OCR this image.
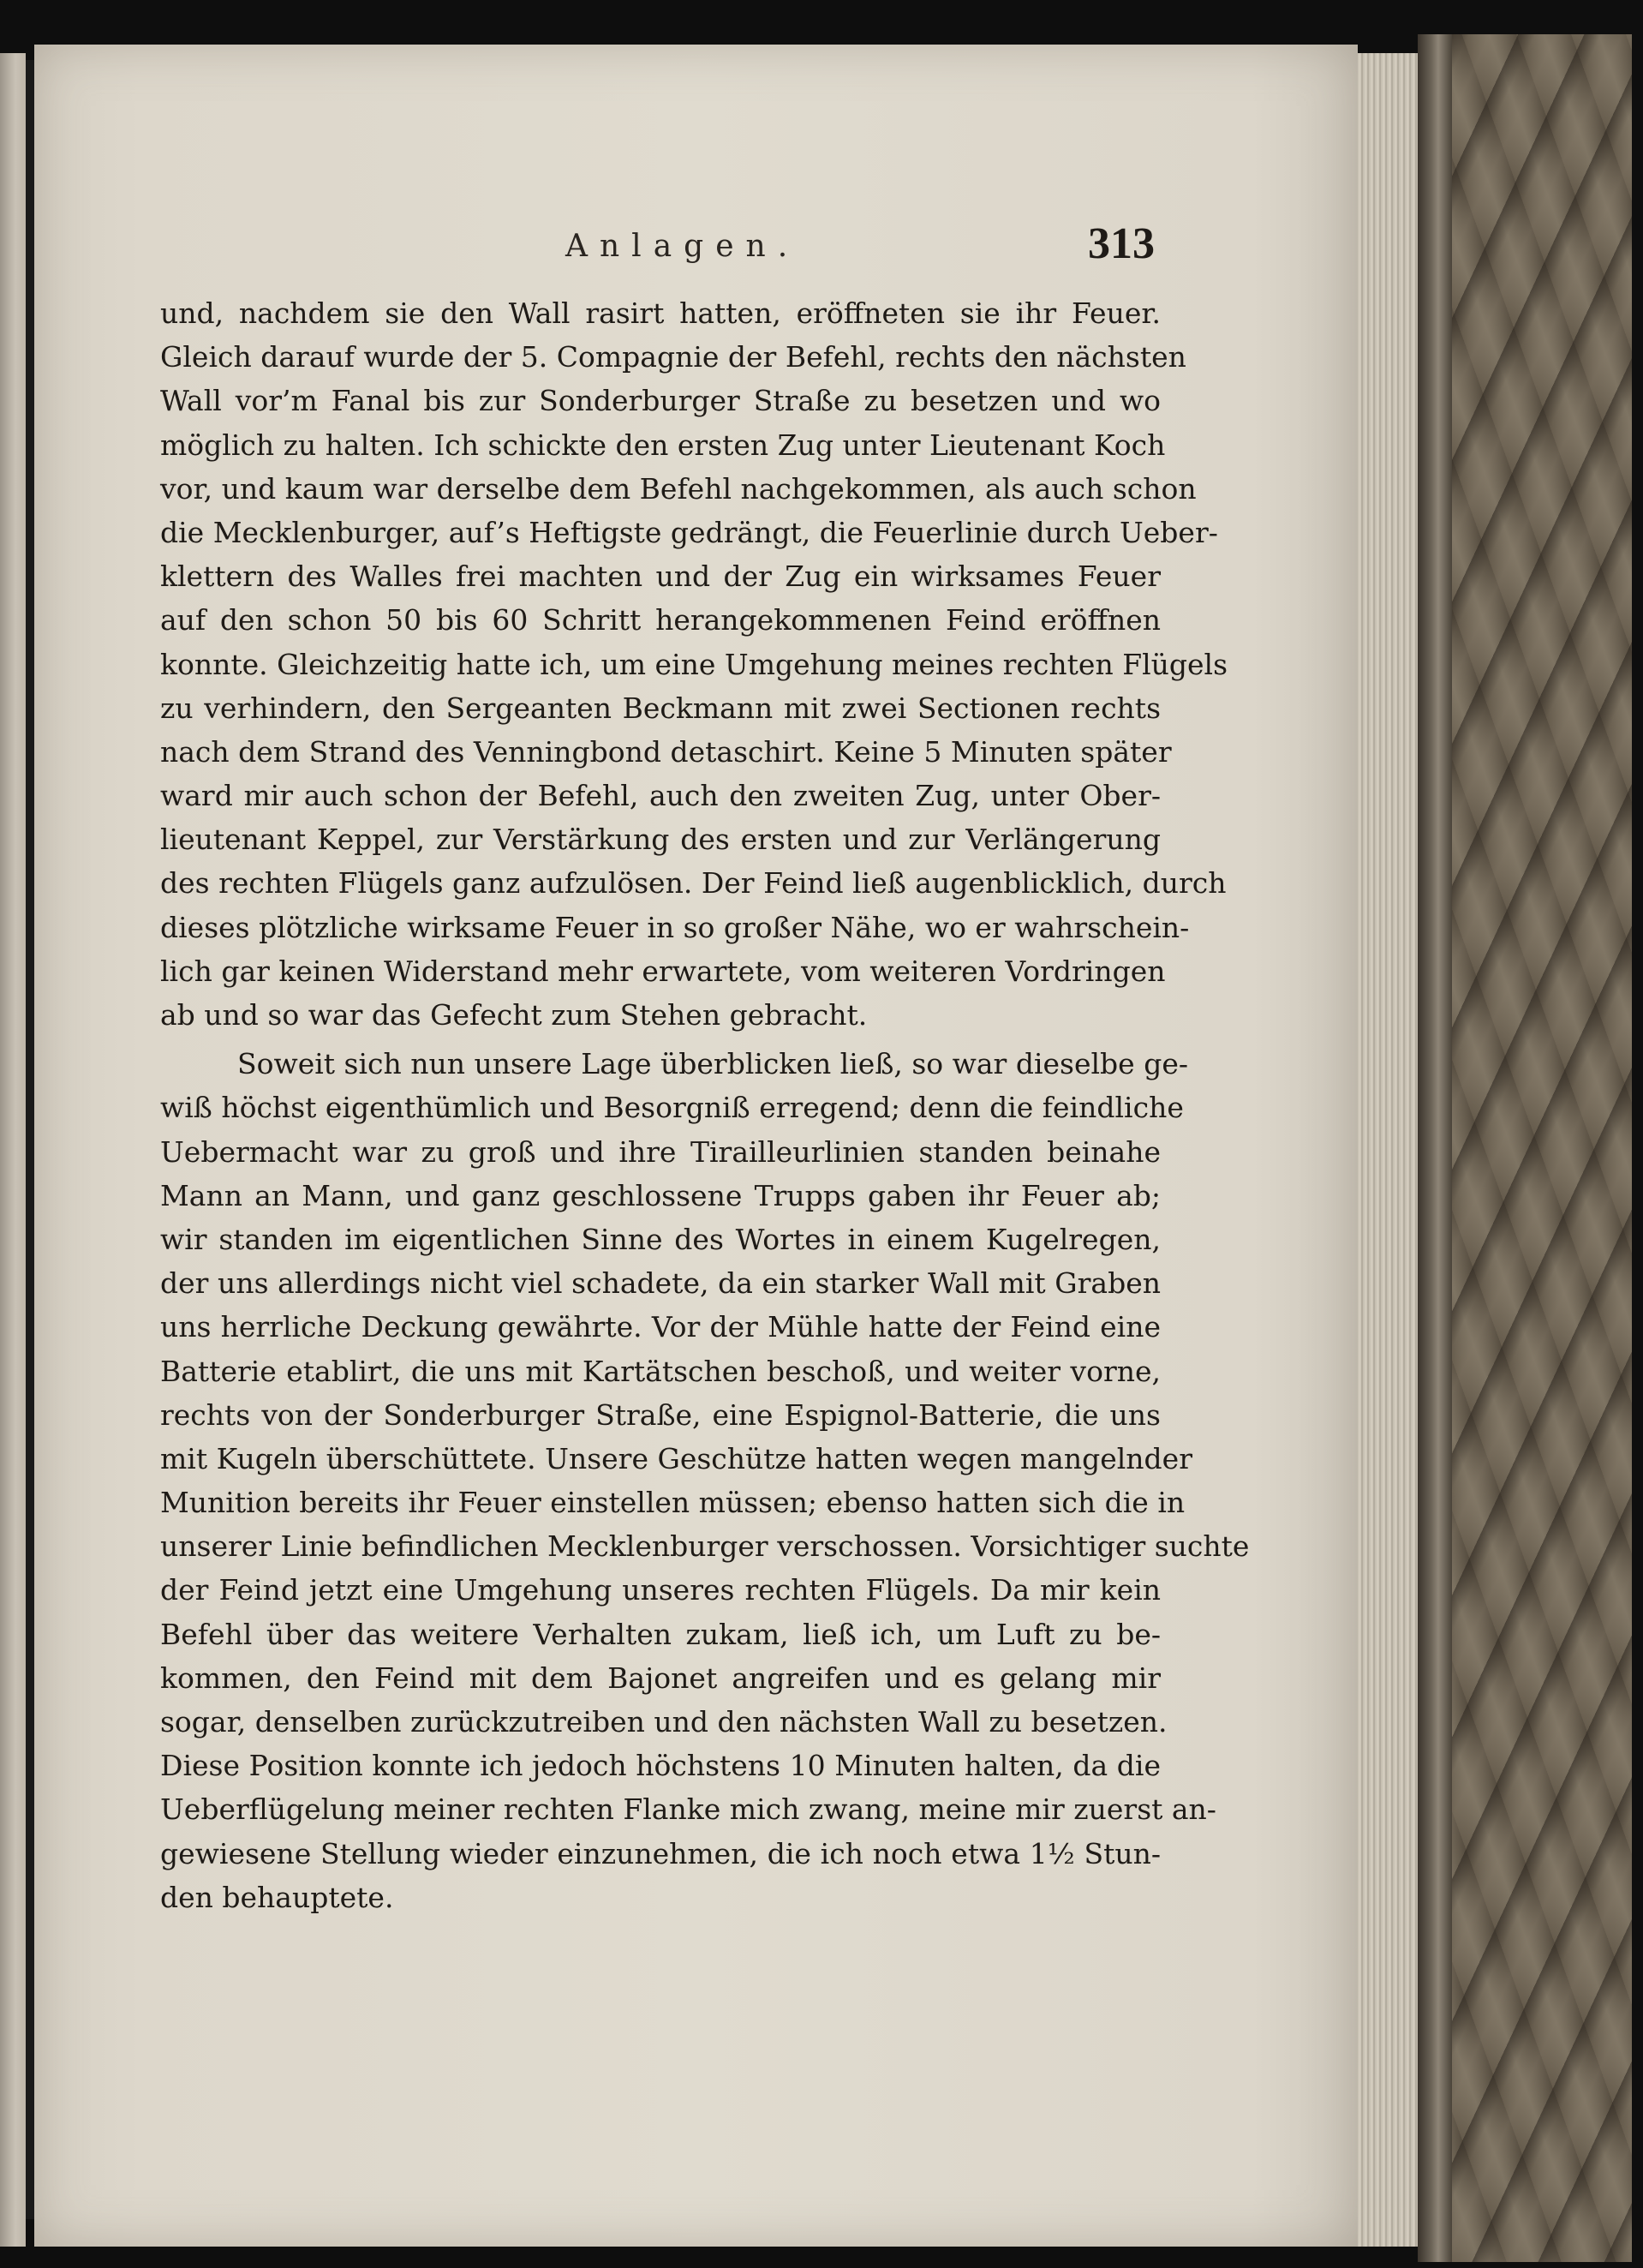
Anlagen.	313
und, nachdem sie den Wall rasirt hatten, eröffneten sie ihr Feuer.
Gleich darauf wurde der 5. Compagnie der Befehl, rechts den nächsten
Wall vor’m Fanal bis zur Sonderburger Straße zu besetzen und wo
möglich zu halten. Ich schickte den ersten Zug unter Lieutenant Koch
vor, und kaum war derselbe dem Befehl nachgekommen, als auch schon
die Mecklenburger, auf’s Heftigste gedrängt, die Feuerlinie durch Ueber-
klettern des Walles frei machten und der Zug ein wirksames Feuer
auf den schon 50 bis 60 Schritt herangekommenen Feind eröffnen
konnte. Gleichzeitig hatte ich, um eine Umgehung meines rechten Flügels
zu verhindern, den Sergeanten Beckmann mit zwei Sectionen rechts
nach dem Strand des Venningbond detaschirt. Keine 5 Minuten später
ward mir auch schon der Befehl, auch den zweiten Zug, unter Ober-
lieutenant Keppel, zur Verstärkung des ersten und zur Verlängerung
des rechten Flügels ganz aufzulösen. Der Feind ließ augenblicklich, durch
dieses plötzliche wirksame Feuer in so großer Nähe, wo er wahrschein-
lich gar keinen Widerstand mehr erwartete, vom weiteren Vordringen
ab und so war das Gefecht zum Stehen gebracht.
Soweit sich nun unsere Lage überblicken ließ, so war dieselbe ge-
wiß höchst eigenthümlich und Besorgniß erregend; denn die feindliche
Uebermacht war zu groß und ihre Tirailleurlinien standen beinahe
Mann an Mann, und ganz geschlossene Trupps gaben ihr Feuer ab;
wir standen im eigentlichen Sinne des Wortes in einem Kugelregen,
der uns allerdings nicht viel schadete, da ein starker Wall mit Graben
uns herrliche Deckung gewährte. Vor der Mühle hatte der Feind eine
Batterie etablirt, die uns mit Kartätschen beschoß, und weiter vorne,
rechts von der Sonderburger Straße, eine Espignol-Batterie, die uns
mit Kugeln überschüttete. Unsere Geschütze hatten wegen mangelnder
Munition bereits ihr Feuer einstellen müssen; ebenso hatten sich die in
unserer Linie befindlichen Mecklenburger verschossen. Vorsichtiger suchte
der Feind jetzt eine Umgehung unseres rechten Flügels. Da mir kein
Befehl über das weitere Verhalten zukam, ließ ich, um Luft zu be-
kommen, den Feind mit dem Bajonet angreifen und es gelang mir
sogar, denselben zurückzutreiben und den nächsten Wall zu besetzen.
Diese Position konnte ich jedoch höchstens 10 Minuten halten, da die
Ueberflügelung meiner rechten Flanke mich zwang, meine mir zuerst an-
gewiesene Stellung wieder einzunehmen, die ich noch etwa 1½ Stun-
den behauptete.
